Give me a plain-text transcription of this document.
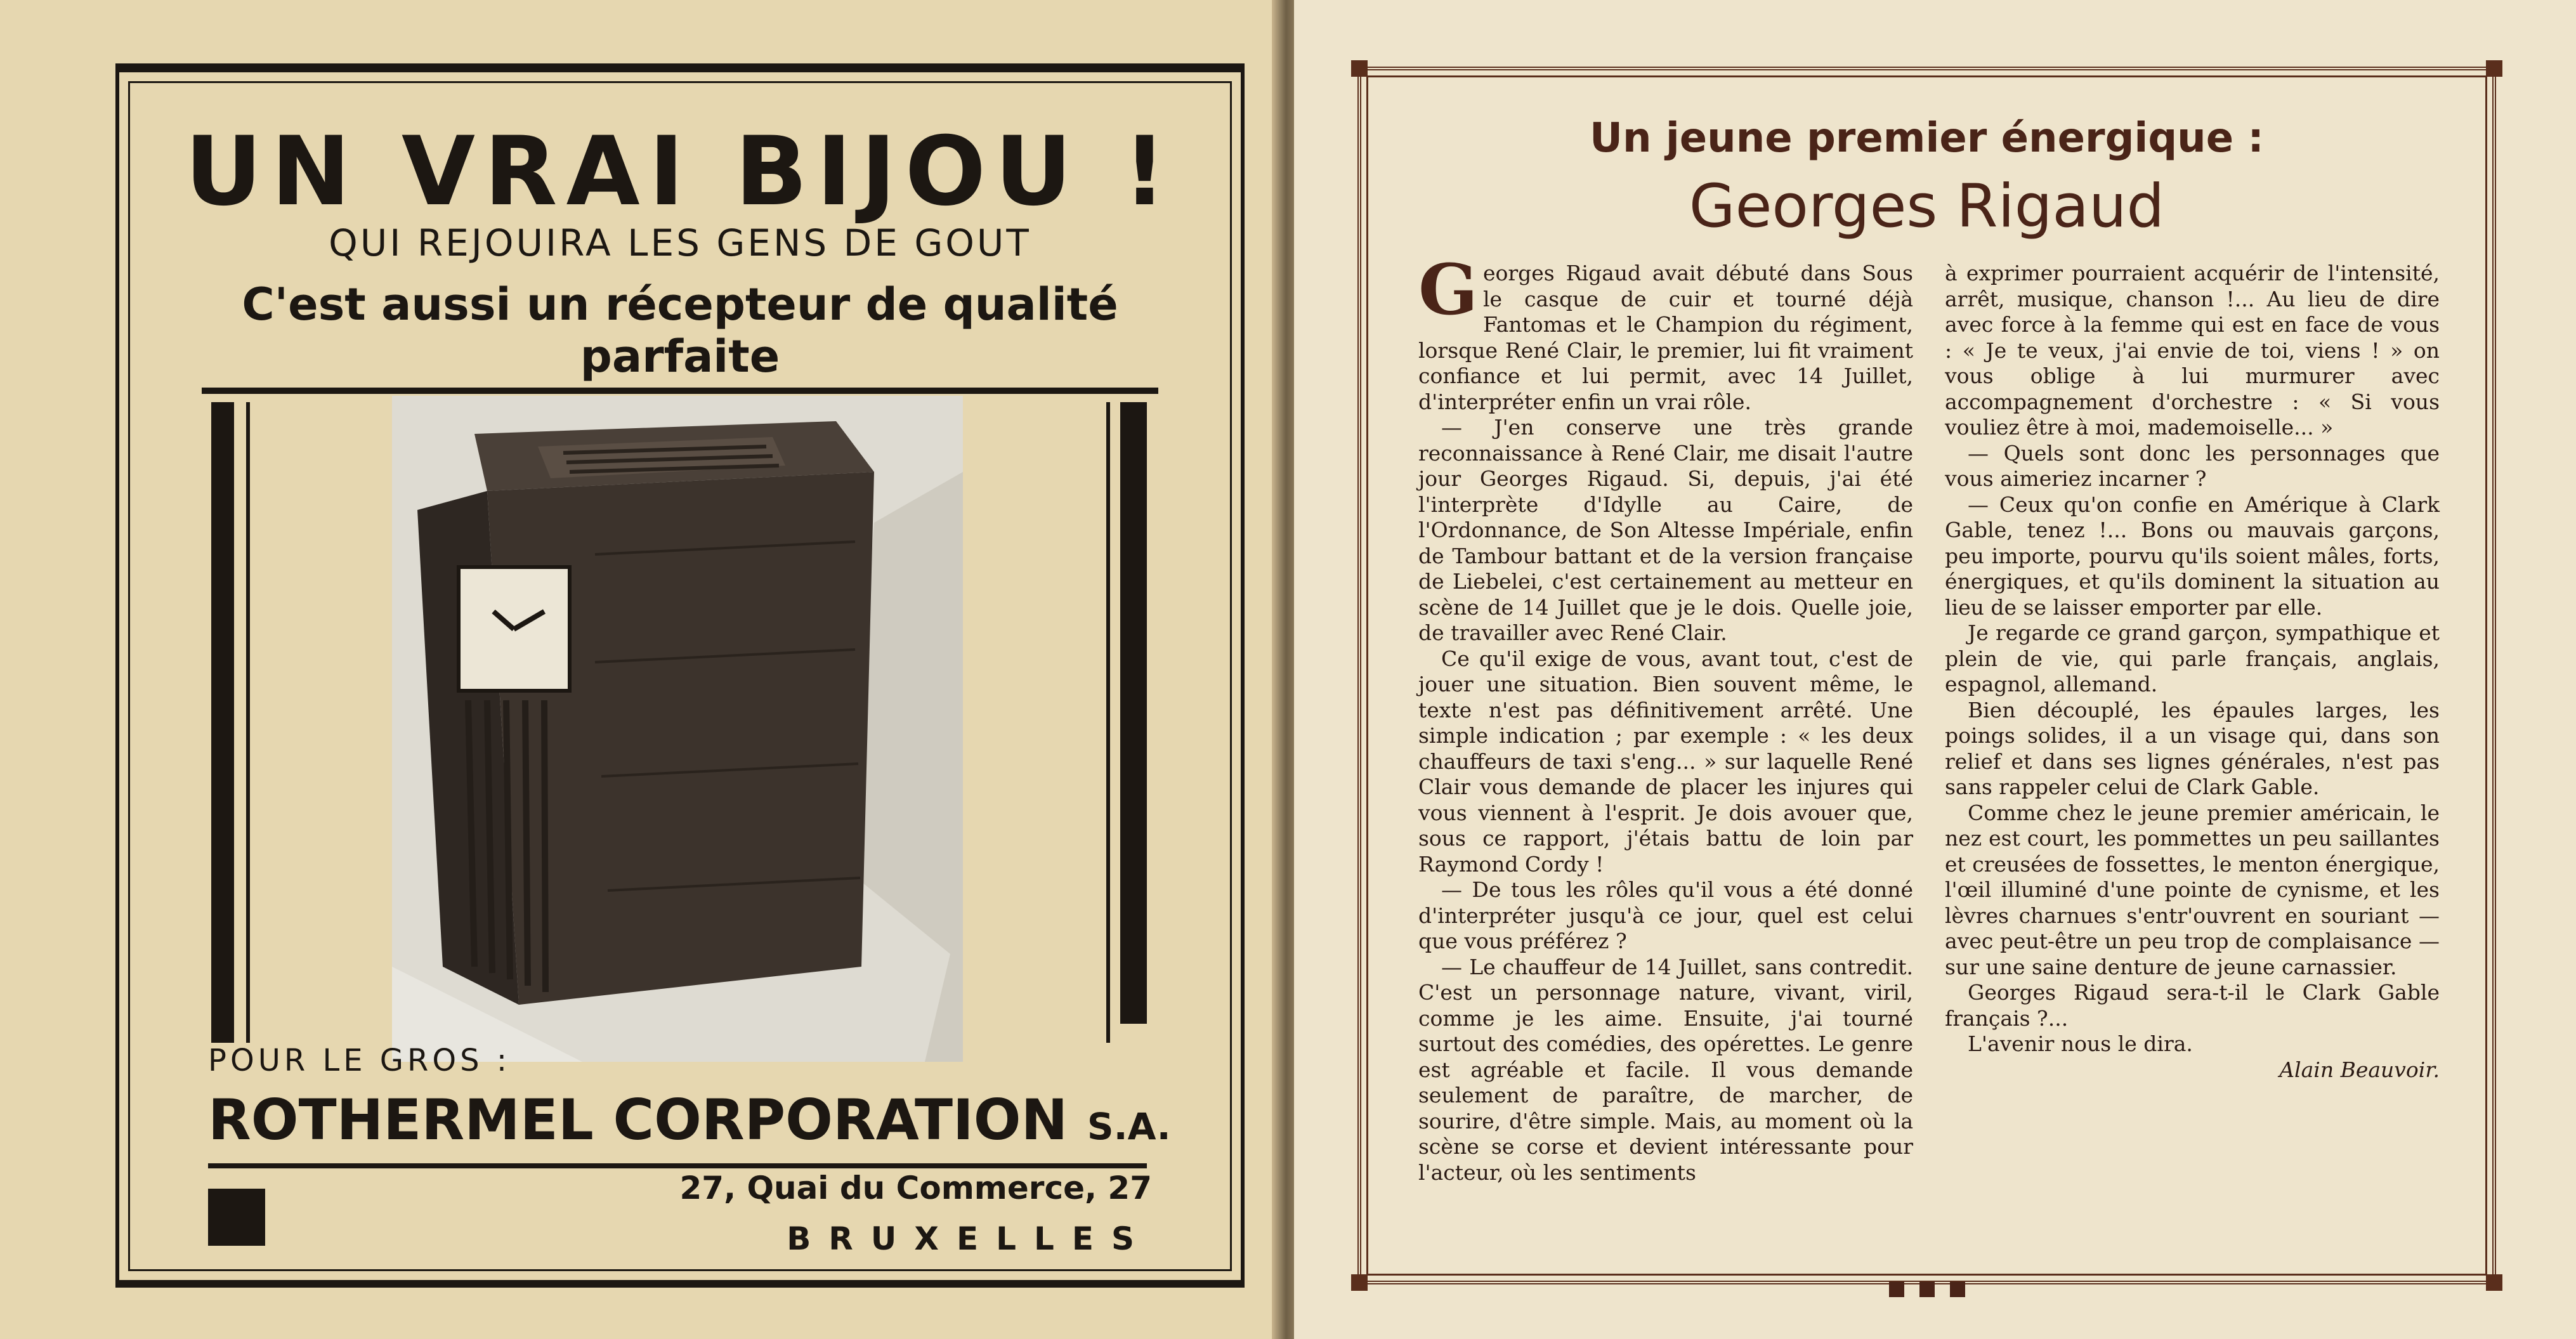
UN VRAI BIJOU !
QUI REJOUIRA LES GENS DE GOUT
C'est aussi un récepteur de qualité parfaite
POUR LE GROS :
ROTHERMEL CORPORATION S.A.
27, Quai du Commerce, 27
BRUXELLES
Un jeune premier énergique :
Georges Rigaud

Georges Rigaud avait débuté dans Sous le casque de cuir et tourné déjà Fantomas et le Champion du régiment, lorsque René Clair, le premier, lui fit vraiment confiance et lui permit, avec 14 Juillet, d'interpréter enfin un vrai rôle.

— J'en conserve une très grande reconnaissance à René Clair, me disait l'autre jour Georges Rigaud. Si, depuis, j'ai été l'interprète d'Idylle au Caire, de l'Ordonnance, de Son Altesse Impériale, enfin de Tambour battant et de la version française de Liebelei, c'est certainement au metteur en scène de 14 Juillet que je le dois. Quelle joie, de travailler avec René Clair.

Ce qu'il exige de vous, avant tout, c'est de jouer une situation. Bien souvent même, le texte n'est pas définitivement arrêté. Une simple indication ; par exemple : « les deux chauffeurs de taxi s'eng... » sur laquelle René Clair vous demande de placer les injures qui vous viennent à l'esprit. Je dois avouer que, sous ce rapport, j'étais battu de loin par Raymond Cordy !

— De tous les rôles qu'il vous a été donné d'interpréter jusqu'à ce jour, quel est celui que vous préférez ?

— Le chauffeur de 14 Juillet, sans contredit. C'est un personnage nature, vivant, viril, comme je les aime. Ensuite, j'ai tourné surtout des comédies, des opérettes. Le genre est agréable et facile. Il vous demande seulement de paraître, de marcher, de sourire, d'être simple. Mais, au moment où la scène se corse et devient intéressante pour l'acteur, où les sentiments

à exprimer pourraient acquérir de l'intensité, arrêt, musique, chanson !... Au lieu de dire avec force à la femme qui est en face de vous : « Je te veux, j'ai envie de toi, viens ! » on vous oblige à lui murmurer avec accompagnement d'orchestre : « Si vous vouliez être à moi, mademoiselle... »

— Quels sont donc les personnages que vous aimeriez incarner ?

— Ceux qu'on confie en Amérique à Clark Gable, tenez !... Bons ou mauvais garçons, peu importe, pourvu qu'ils soient mâles, forts, énergiques, et qu'ils dominent la situation au lieu de se laisser emporter par elle.

Je regarde ce grand garçon, sympathique et plein de vie, qui parle français, anglais, espagnol, allemand.

Bien découplé, les épaules larges, les poings solides, il a un visage qui, dans son relief et dans ses lignes générales, n'est pas sans rappeler celui de Clark Gable.

Comme chez le jeune premier américain, le nez est court, les pommettes un peu saillantes et creusées de fossettes, le menton énergique, l'œil illuminé d'une pointe de cynisme, et les lèvres charnues s'entr'ouvrent en souriant — avec peut-être un peu trop de complaisance — sur une saine denture de jeune carnassier.

Georges Rigaud sera-t-il le Clark Gable français ?...

L'avenir nous le dira.

Alain Beauvoir.
